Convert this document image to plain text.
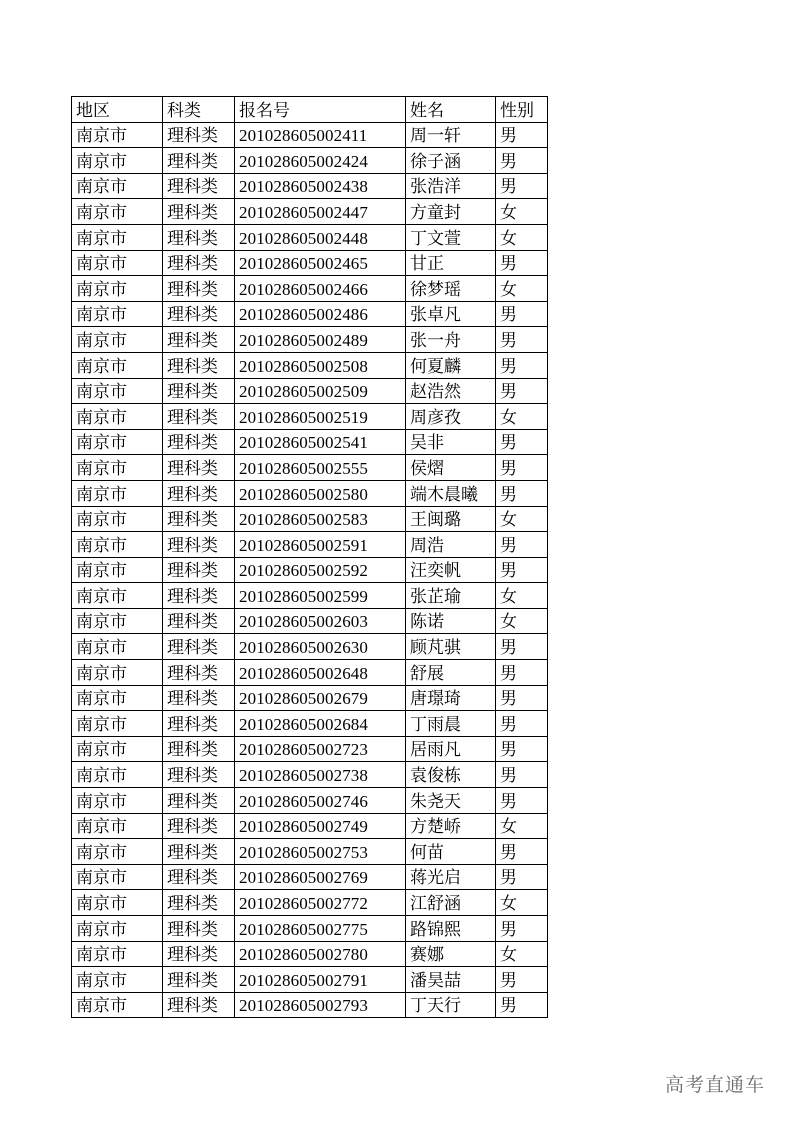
地区	科类	报名号	姓名	性别
南京市	理科类	201028605002411	周一轩	男
南京市	理科类	201028605002424	徐子涵	男
南京市	理科类	201028605002438	张浩洋	男
南京市	理科类	201028605002447	方童封	女
南京市	理科类	201028605002448	丁文萱	女
南京市	理科类	201028605002465	甘正	男
南京市	理科类	201028605002466	徐梦瑶	女
南京市	理科类	201028605002486	张卓凡	男
南京市	理科类	201028605002489	张一舟	男
南京市	理科类	201028605002508	何夏麟	男
南京市	理科类	201028605002509	赵浩然	男
南京市	理科类	201028605002519	周彦孜	女
南京市	理科类	201028605002541	吴非	男
南京市	理科类	201028605002555	侯熠	男
南京市	理科类	201028605002580	端木晨曦	男
南京市	理科类	201028605002583	王闽璐	女
南京市	理科类	201028605002591	周浩	男
南京市	理科类	201028605002592	汪奕帆	男
南京市	理科类	201028605002599	张芷瑜	女
南京市	理科类	201028605002603	陈诺	女
南京市	理科类	201028605002630	顾芃骐	男
南京市	理科类	201028605002648	舒展	男
南京市	理科类	201028605002679	唐璟琦	男
南京市	理科类	201028605002684	丁雨晨	男
南京市	理科类	201028605002723	居雨凡	男
南京市	理科类	201028605002738	袁俊栋	男
南京市	理科类	201028605002746	朱尧天	男
南京市	理科类	201028605002749	方楚峤	女
南京市	理科类	201028605002753	何苗	男
南京市	理科类	201028605002769	蒋光启	男
南京市	理科类	201028605002772	江舒涵	女
南京市	理科类	201028605002775	路锦熙	男
南京市	理科类	201028605002780	赛娜	女
南京市	理科类	201028605002791	潘昊喆	男
南京市	理科类	201028605002793	丁天行	男
高考直通车
